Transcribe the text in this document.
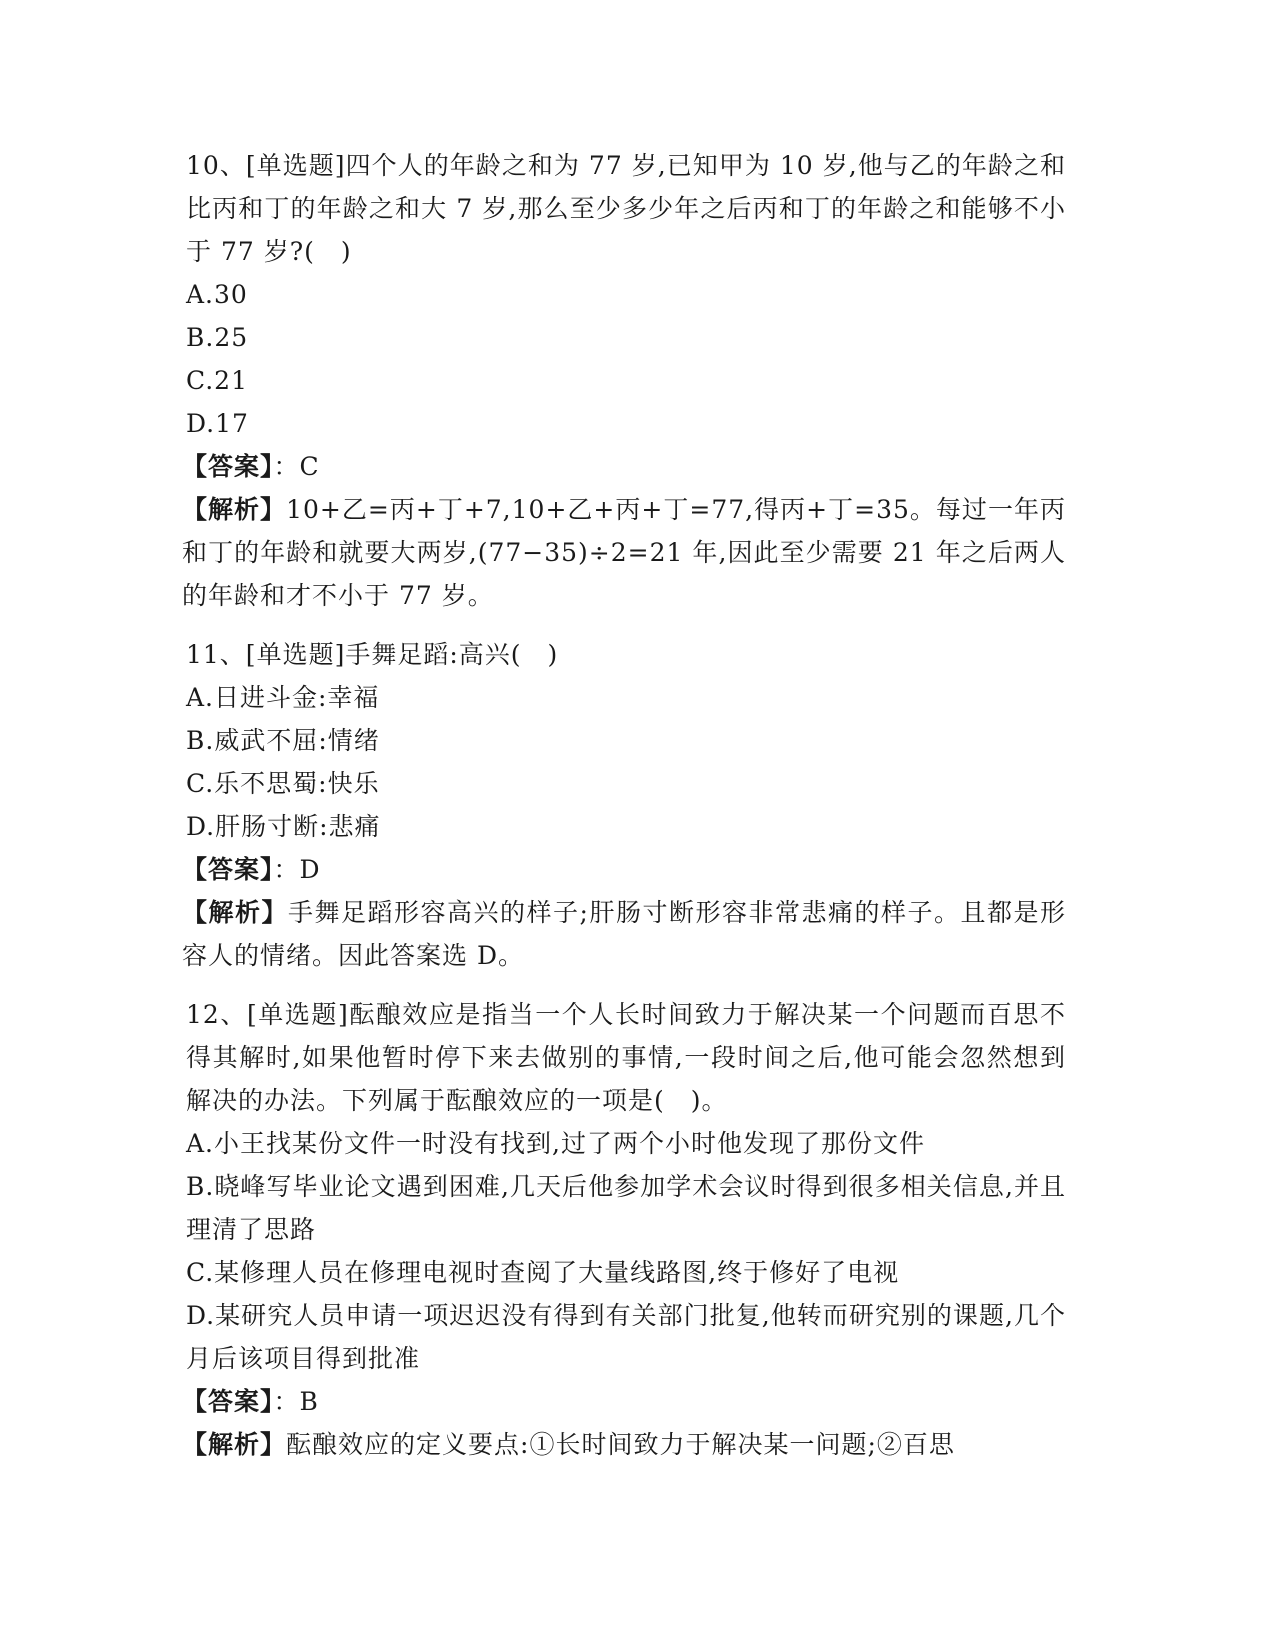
10、[单选题]四个人的年龄之和为 77 岁,已知甲为 10 岁,他与乙的年龄之和比丙和丁的年龄之和大 7 岁,那么至少多少年之后丙和丁的年龄之和能够不小于 77 岁?(　)

A.30

B.25

C.21

D.17

【答案】：C

【解析】10+乙=丙+丁+7,10+乙+丙+丁=77,得丙+丁=35。每过一年丙和丁的年龄和就要大两岁,(77−35)÷2=21 年,因此至少需要 21 年之后两人的年龄和才不小于 77 岁。

11、[单选题]手舞足蹈:高兴(　)

A.日进斗金:幸福

B.威武不屈:情绪

C.乐不思蜀:快乐

D.肝肠寸断:悲痛

【答案】：D

【解析】手舞足蹈形容高兴的样子;肝肠寸断形容非常悲痛的样子。且都是形容人的情绪。因此答案选 D。

12、[单选题]酝酿效应是指当一个人长时间致力于解决某一个问题而百思不得其解时,如果他暂时停下来去做别的事情,一段时间之后,他可能会忽然想到解决的办法。下列属于酝酿效应的一项是(　)。

A.小王找某份文件一时没有找到,过了两个小时他发现了那份文件

B.晓峰写毕业论文遇到困难,几天后他参加学术会议时得到很多相关信息,并且理清了思路

C.某修理人员在修理电视时查阅了大量线路图,终于修好了电视

D.某研究人员申请一项迟迟没有得到有关部门批复,他转而研究别的课题,几个月后该项目得到批准

【答案】：B

【解析】酝酿效应的定义要点:①长时间致力于解决某一问题;②百思
